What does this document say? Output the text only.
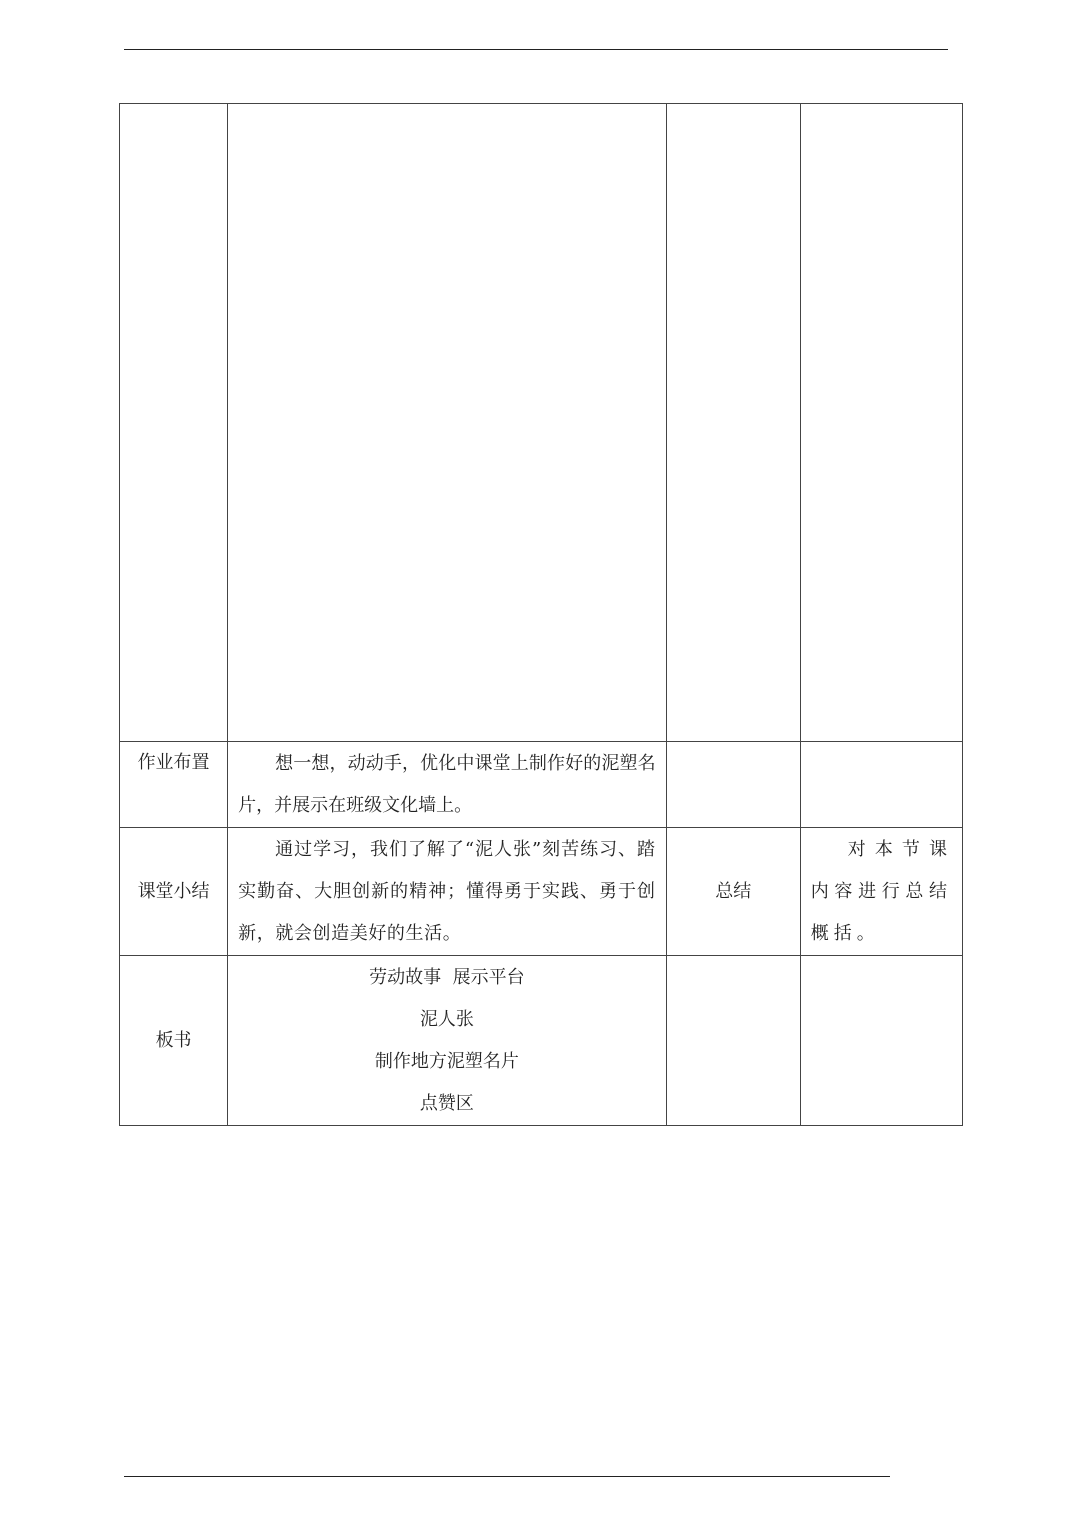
作业布置	想一想，动动手，优化中课堂上制作好的泥塑名片，并展示在班级文化墙上。		

课堂小结	通过学习，我们了解了“泥人张”刻苦练习、踏实勤奋、大胆创新的精神；懂得勇于实践、勇于创新，就会创造美好的生活。	总结	对本节课内容进行总结概括。

板书	劳动故事  展示平台
泥人张
制作地方泥塑名片
点赞区		
